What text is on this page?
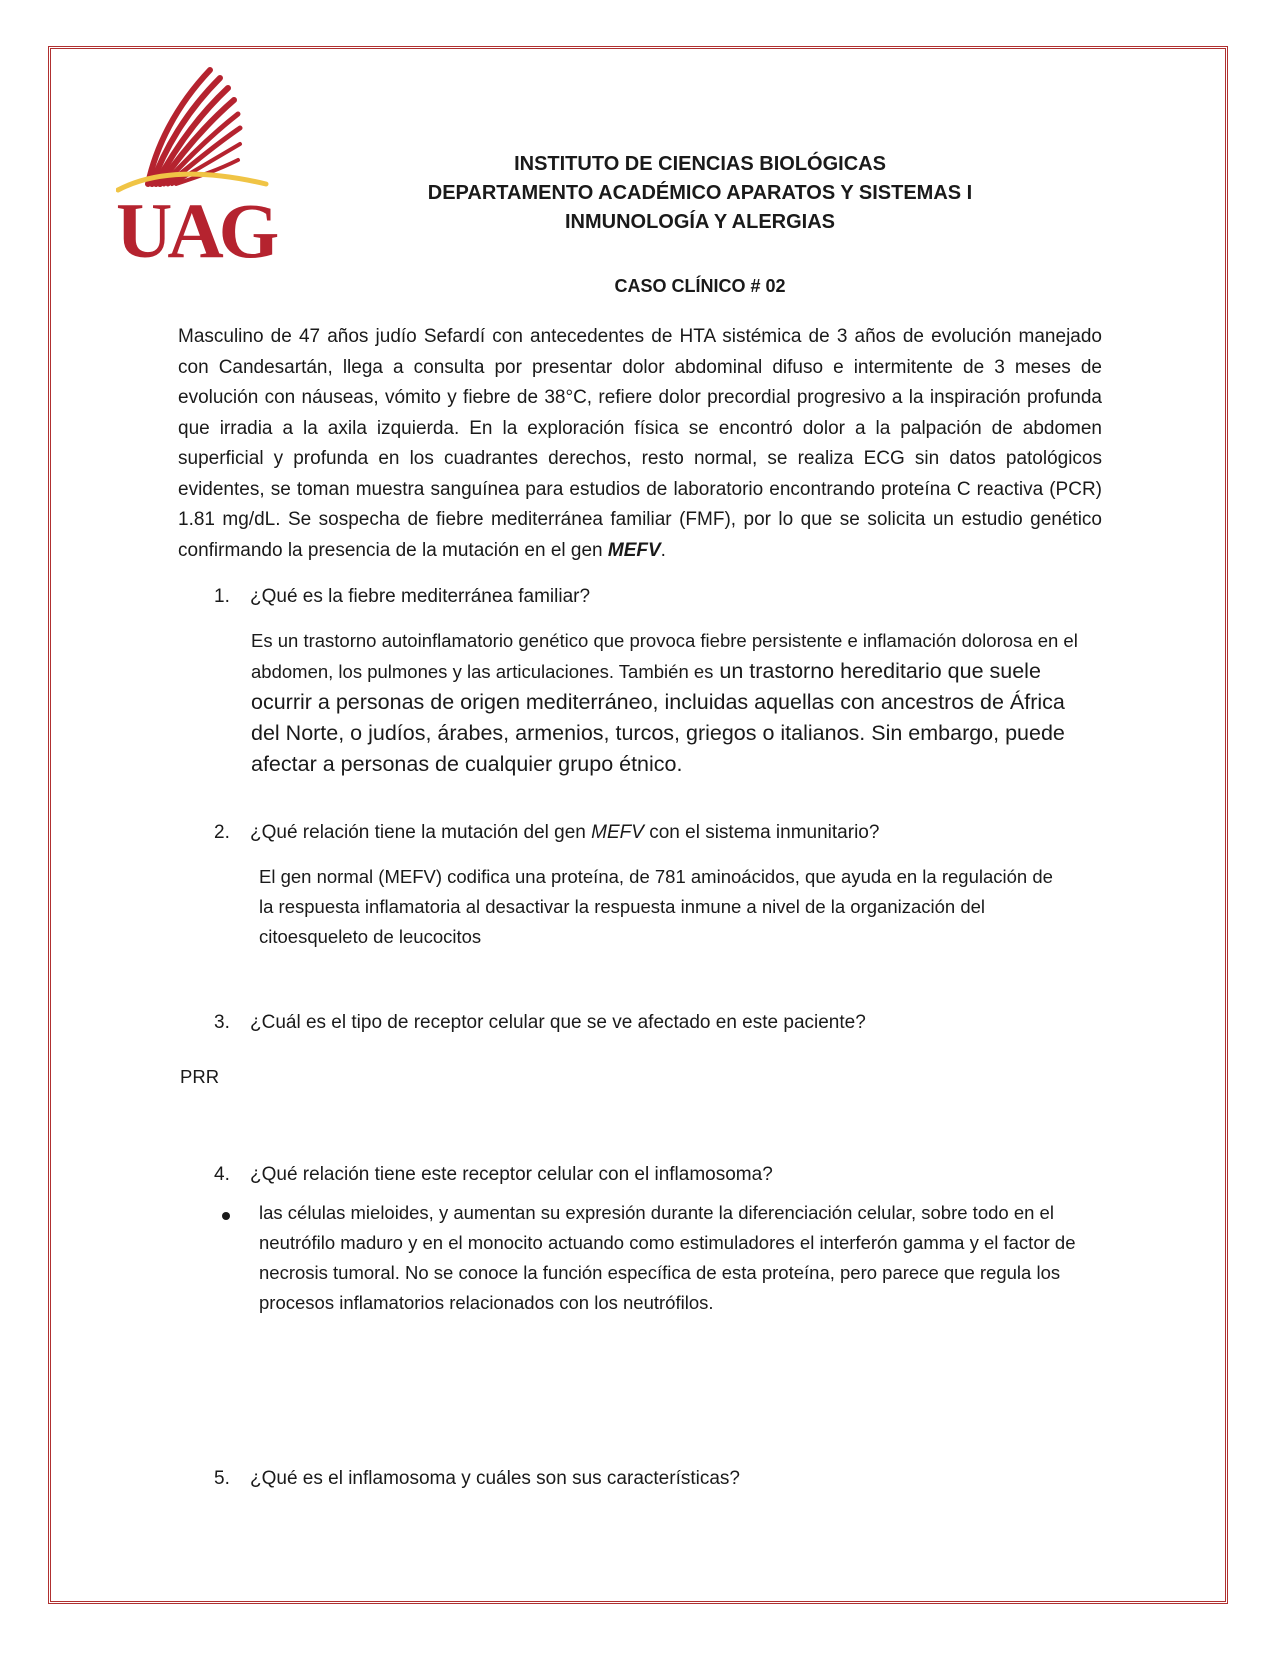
UAG
INSTITUTO DE CIENCIAS BIOLÓGICAS
DEPARTAMENTO ACADÉMICO APARATOS Y SISTEMAS I
INMUNOLOGÍA Y ALERGIAS
CASO CLÍNICO # 02
Masculino de 47 años judío Sefardí con antecedentes de HTA sistémica de 3 años de evolución manejado con Candesartán, llega a consulta por presentar dolor abdominal difuso e intermitente de 3 meses de evolución con náuseas, vómito y fiebre de 38°C, refiere dolor precordial progresivo a la inspiración profunda que irradia a la axila izquierda. En la exploración física se encontró dolor a la palpación de abdomen superficial y profunda en los cuadrantes derechos, resto normal, se realiza ECG sin datos patológicos evidentes, se toman muestra sanguínea para estudios de laboratorio encontrando proteína C reactiva (PCR) 1.81 mg/dL. Se sospecha de fiebre mediterránea familiar (FMF), por lo que se solicita un estudio genético confirmando la presencia de la mutación en el gen MEFV.
1. ¿Qué es la fiebre mediterránea familiar?
Es un trastorno autoinflamatorio genético que provoca fiebre persistente e inflamación dolorosa en el abdomen, los pulmones y las articulaciones. También es un trastorno hereditario que suele ocurrir a personas de origen mediterráneo, incluidas aquellas con ancestros de África del Norte, o judíos, árabes, armenios, turcos, griegos o italianos. Sin embargo, puede afectar a personas de cualquier grupo étnico.
2. ¿Qué relación tiene la mutación del gen MEFV con el sistema inmunitario?
El gen normal (MEFV) codifica una proteína, de 781 aminoácidos, que ayuda en la regulación de la respuesta inflamatoria al desactivar la respuesta inmune a nivel de la organización del citoesqueleto de leucocitos
3. ¿Cuál es el tipo de receptor celular que se ve afectado en este paciente?
PRR
4. ¿Qué relación tiene este receptor celular con el inflamosoma?
las células mieloides, y aumentan su expresión durante la diferenciación celular, sobre todo en el neutrófilo maduro y en el monocito actuando como estimuladores el interferón gamma y el factor de necrosis tumoral. No se conoce la función específica de esta proteína, pero parece que regula los procesos inflamatorios relacionados con los neutrófilos.
5. ¿Qué es el inflamosoma y cuáles son sus características?
